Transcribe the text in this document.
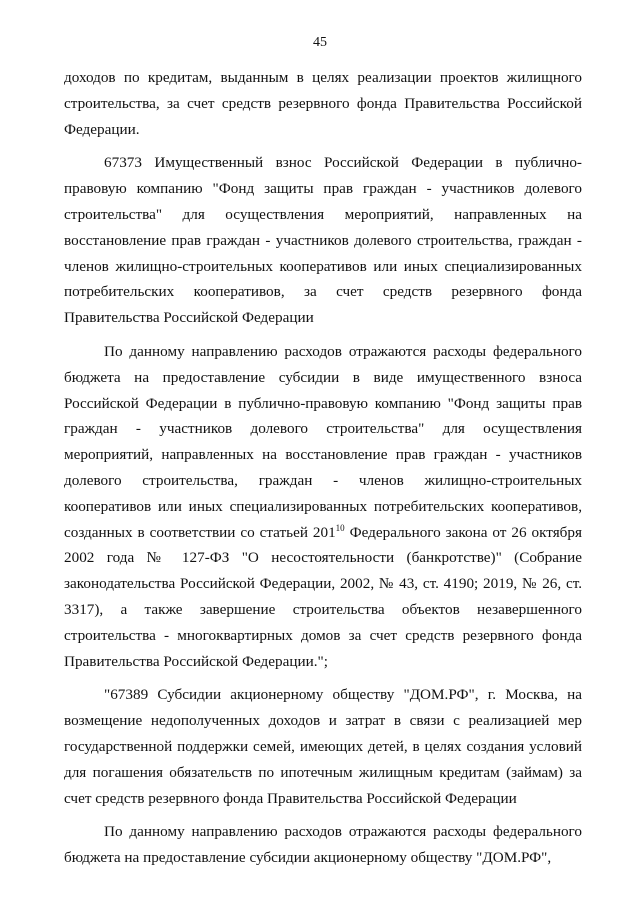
45

доходов по кредитам, выданным в целях реализации проектов жилищного строительства, за счет средств резервного фонда Правительства Российской Федерации.

67373 Имущественный взнос Российской Федерации в публично-правовую компанию "Фонд защиты прав граждан - участников долевого строительства" для осуществления мероприятий, направленных на восстановление прав граждан - участников долевого строительства, граждан - членов жилищно-строительных кооперативов или иных специализированных потребительских кооперативов, за счет средств резервного фонда Правительства Российской Федерации

По данному направлению расходов отражаются расходы федерального бюджета на предоставление субсидии в виде имущественного взноса Российской Федерации в публично-правовую компанию "Фонд защиты прав граждан - участников долевого строительства" для осуществления мероприятий, направленных на восстановление прав граждан - участников долевого строительства, граждан - членов жилищно-строительных кооперативов или иных специализированных потребительских кооперативов, созданных в соответствии со статьей $201^{10}$ Федерального закона от 26 октября 2002 года № 127-ФЗ "О несостоятельности (банкротстве)" (Собрание законодательства Российской Федерации, 2002, № 43, ст. 4190; 2019, № 26, ст. 3317), а также завершение строительства объектов незавершенного строительства - многоквартирных домов за счет средств резервного фонда Правительства Российской Федерации.";

"67389 Субсидии акционерному обществу "ДОМ.РФ", г. Москва, на возмещение недополученных доходов и затрат в связи с реализацией мер государственной поддержки семей, имеющих детей, в целях создания условий для погашения обязательств по ипотечным жилищным кредитам (займам) за счет средств резервного фонда Правительства Российской Федерации

По данному направлению расходов отражаются расходы федерального бюджета на предоставление субсидии акционерному обществу "ДОМ.РФ",
